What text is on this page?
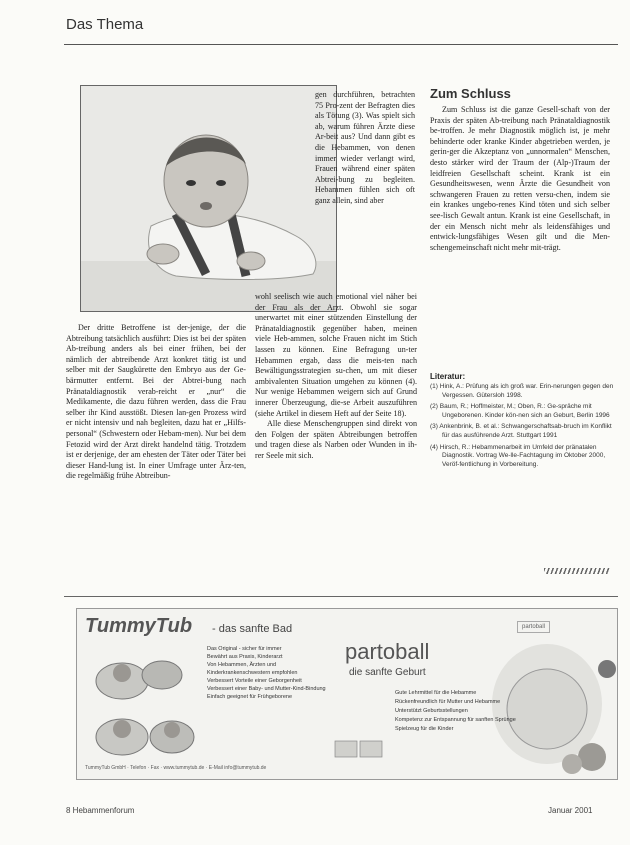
Das Thema

Der dritte Betroffene ist der-jenige, der die Abtreibung tatsächlich ausführt: Dies ist bei der späten Ab-treibung anders als bei einer frühen, bei der nämlich der abtreibende Arzt konkret tätig ist und selber mit der Saugkürette den Embryo aus der Ge-bärmutter entfernt. Bei der Abtrei-bung nach Pränataldiagnostik verab-reicht er „nur“ die Medikamente, die dazu führen werden, dass die Frau selber ihr Kind ausstößt. Diesen lan-gen Prozess wird er nicht intensiv und nah begleiten, dazu hat er „Hilfs-personal“ (Schwestern oder Hebam-men). Nur bei dem Fetozid wird der Arzt direkt handelnd tätig. Trotzdem ist er derjenige, der am ehesten der Täter oder Täter bei dieser Hand-lung ist. In einer Umfrage unter Ärz-ten, die regelmäßig frühe Abtreibun-

gen durchführen, betrachten 75 Pro-zent der Befragten dies als Tötung (3). Was spielt sich ab, warum führen Ärzte diese Ar-beit aus? Und dann gibt es die Hebammen, von denen immer wieder verlangt wird, Frauen während einer späten Abtrei-bung zu begleiten. Hebammen fühlen sich oft ganz allein, sind aber

wohl seelisch wie auch emotional viel näher bei der Frau als der Arzt. Obwohl sie sogar unerwartet mit einer stützenden Einstellung der Pränataldiagnostik gegenüber haben, meinen viele Heb-ammen, solche Frauen nicht im Stich lassen zu können. Eine Befragung un-ter Hebammen ergab, dass die meis-ten nach Bewältigungsstrategien su-chen, um mit dieser ambivalenten Situation umgehen zu können (4). Nur wenige Hebammen weigern sich auf Grund innerer Überzeugung, die-se Arbeit auszuführen (siehe Artikel in diesem Heft auf der Seite 18).

Alle diese Menschengruppen sind direkt von den Folgen der späten Abtreibungen betroffen und tragen diese als Narben oder Wunden in ih-rer Seele mit sich.

Zum Schluss

Zum Schluss ist die ganze Gesell-schaft von der Praxis der späten Ab-treibung nach Pränataldiagnostik be-troffen. Je mehr Diagnostik möglich ist, je mehr behinderte oder kranke Kinder abgetrieben werden, je gerin-ger die Akzeptanz von „unnormalen“ Menschen, desto stärker wird der Traum der (Alp-)Traum der leidfreien Gesellschaft scheint. Krank ist ein Gesundheitswesen, wenn Ärzte die Gesundheit von schwangeren Frauen zu retten versu-chen, indem sie ein krankes ungebo-renes Kind töten und sich selber see-lisch Gewalt antun. Krank ist eine Gesellschaft, in der ein Mensch nicht mehr als leidensfähiges und entwick-lungsfähiges Wesen gilt und die Men-schengemeinschaft nicht mehr mit-trägt.

Literatur:
(1) Hink, A.: Prüfung als ich groß war. Erin-nerungen gegen den Vergessen. Gütersloh 1998.
(2) Baum, R.; Hoffmeister, M.; Oben, R.: Ge-spräche mit Ungeborenen. Kinder kön-nen sich an Geburt, Berlin 1996
(3) Ankenbrink, B. et al.: Schwangerschaftsab-bruch im Konflikt für das ausführende Arzt. Stuttgart 1991
(4) Hirsch, R.: Hebammenarbeit im Umfeld der pränatalen Diagnostik. Vortrag We-lle-Fachtagung im Oktober 2000, Veröf-fentlichung in Vorbereitung.
TummyTub - das sanfte Bad
Das Original - sicher für immer
Bewährt aus Praxis, Kinderarzt
Von Hebammen, Ärzten und Kinderkrankenschwestern empfohlen
Verbessert Vorteile einer Geborgenheit
Verbessert einer Baby- und Mutter-Kind-Bindung
Einfach geeignet für Frühgeborene
partoball
die sanfte Geburt
partoball
Gute Lehrmittel für die Hebamme
Rückenfreundlich für Mutter und Hebamme
Unterstützt Geburtsstellungen
Kompetenz zur Entspannung für sanften Sprünge
Spielzeug für die Kinder
TummyTub GmbH · Telefon · Fax · www.tummytub.de · E-Mail info@tummytub.de
8 Hebammenforum	Januar 2001
